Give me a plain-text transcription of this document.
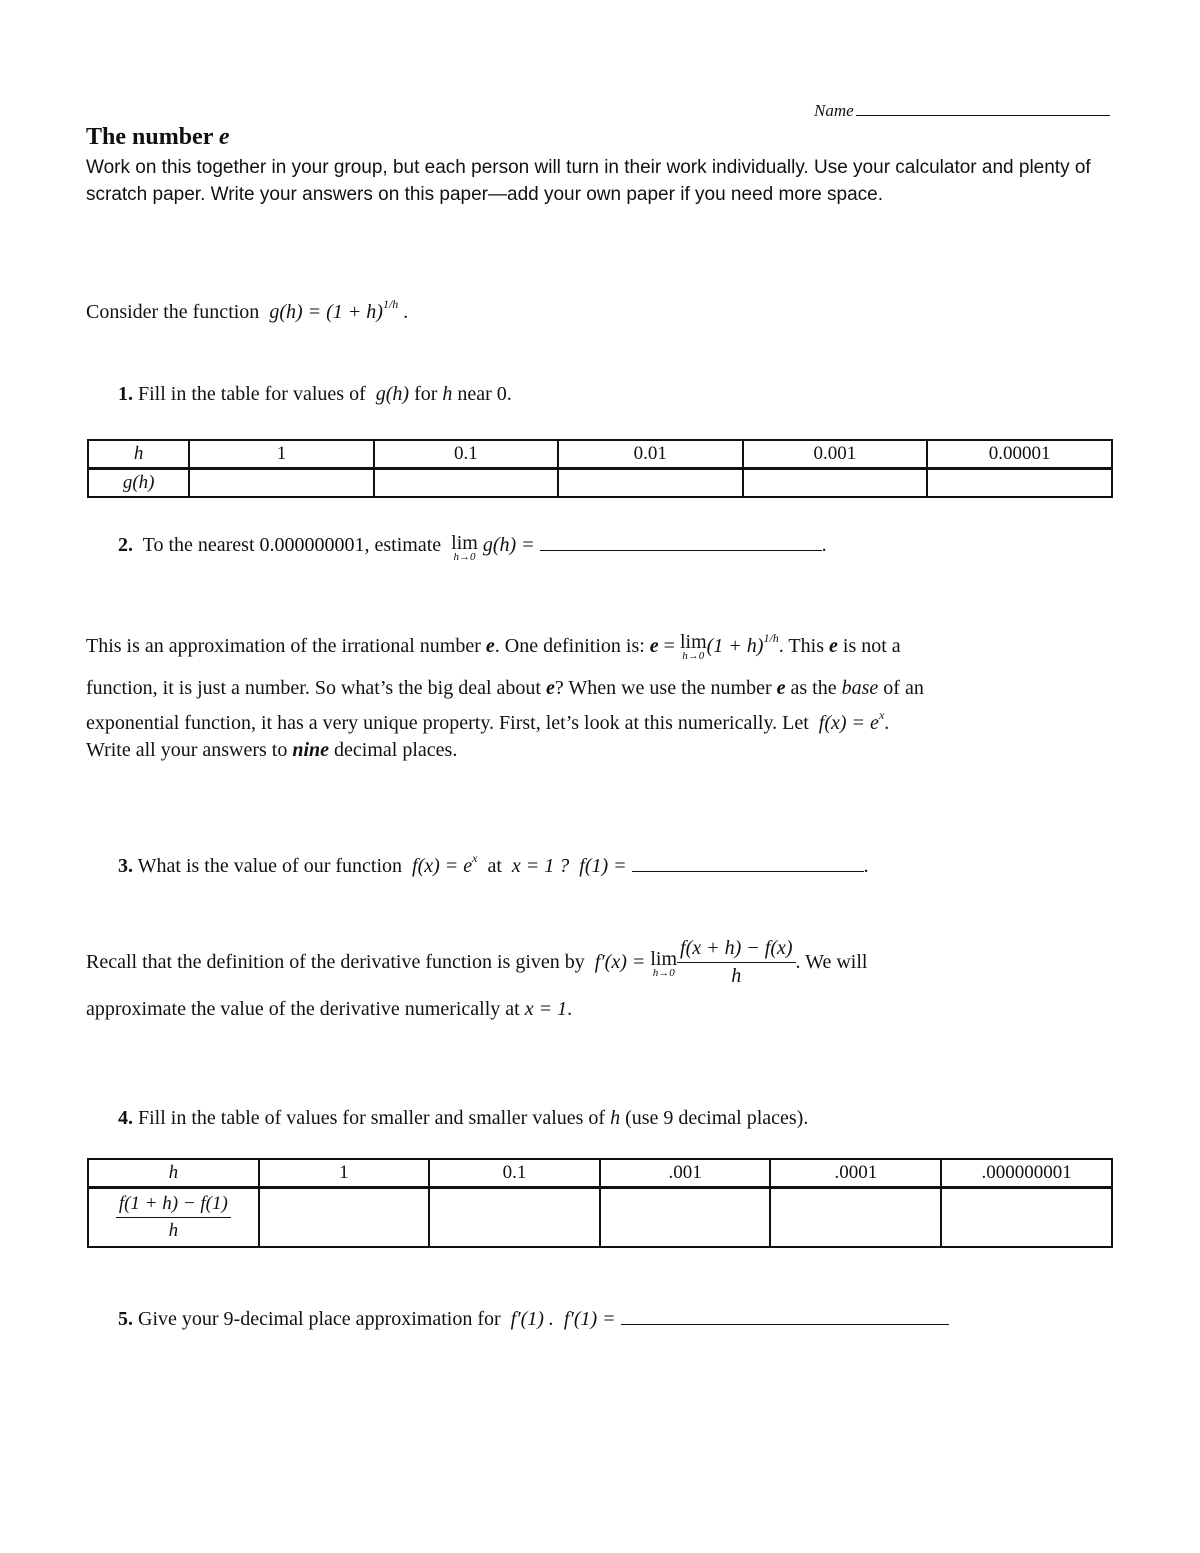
Name
The number e
Work on this together in your group, but each person will turn in their work individually. Use your calculator and plenty of scratch paper. Write your answers on this paper—add your own paper if you need more space.
Consider the function $g(h) = (1 + h)^{1/h}$ .
1. Fill in the table for values of g(h) for h near 0.
h	1	0.1	0.01	0.001	0.00001
g(h)					
2. To the nearest 0.000000001, estimate lim
h→0
g(h) =	.
This is an approximation of the irrational number e. One definition is: e = lim
h→0 $(1 + h)^{1/h}$. This e is not a
function, it is just a number. So what’s the big deal about e? When we use the number e as the base of an
exponential function, it has a very unique property. First, let’s look at this numerically. Let $f(x) = e^x$.
Write all your answers to nine decimal places.
3. What is the value of our function $f(x) = e^x$ at x = 1 ? f(1) =	.
Recall that the definition of the derivative function is given by f′(x) = lim
$h\to 0 \frac{f(x + h) - f(x)}{h}$ . We will
approximate the value of the derivative numerically at x = 1.
4. Fill in the table of values for smaller and smaller values of h (use 9 decimal places).
h	1	0.1	.001	.0001	.000000001

$\frac{f(1 + h) - f(1)}{h}$

5. Give your 9-decimal place approximation for f′(1) . f′(1) =
